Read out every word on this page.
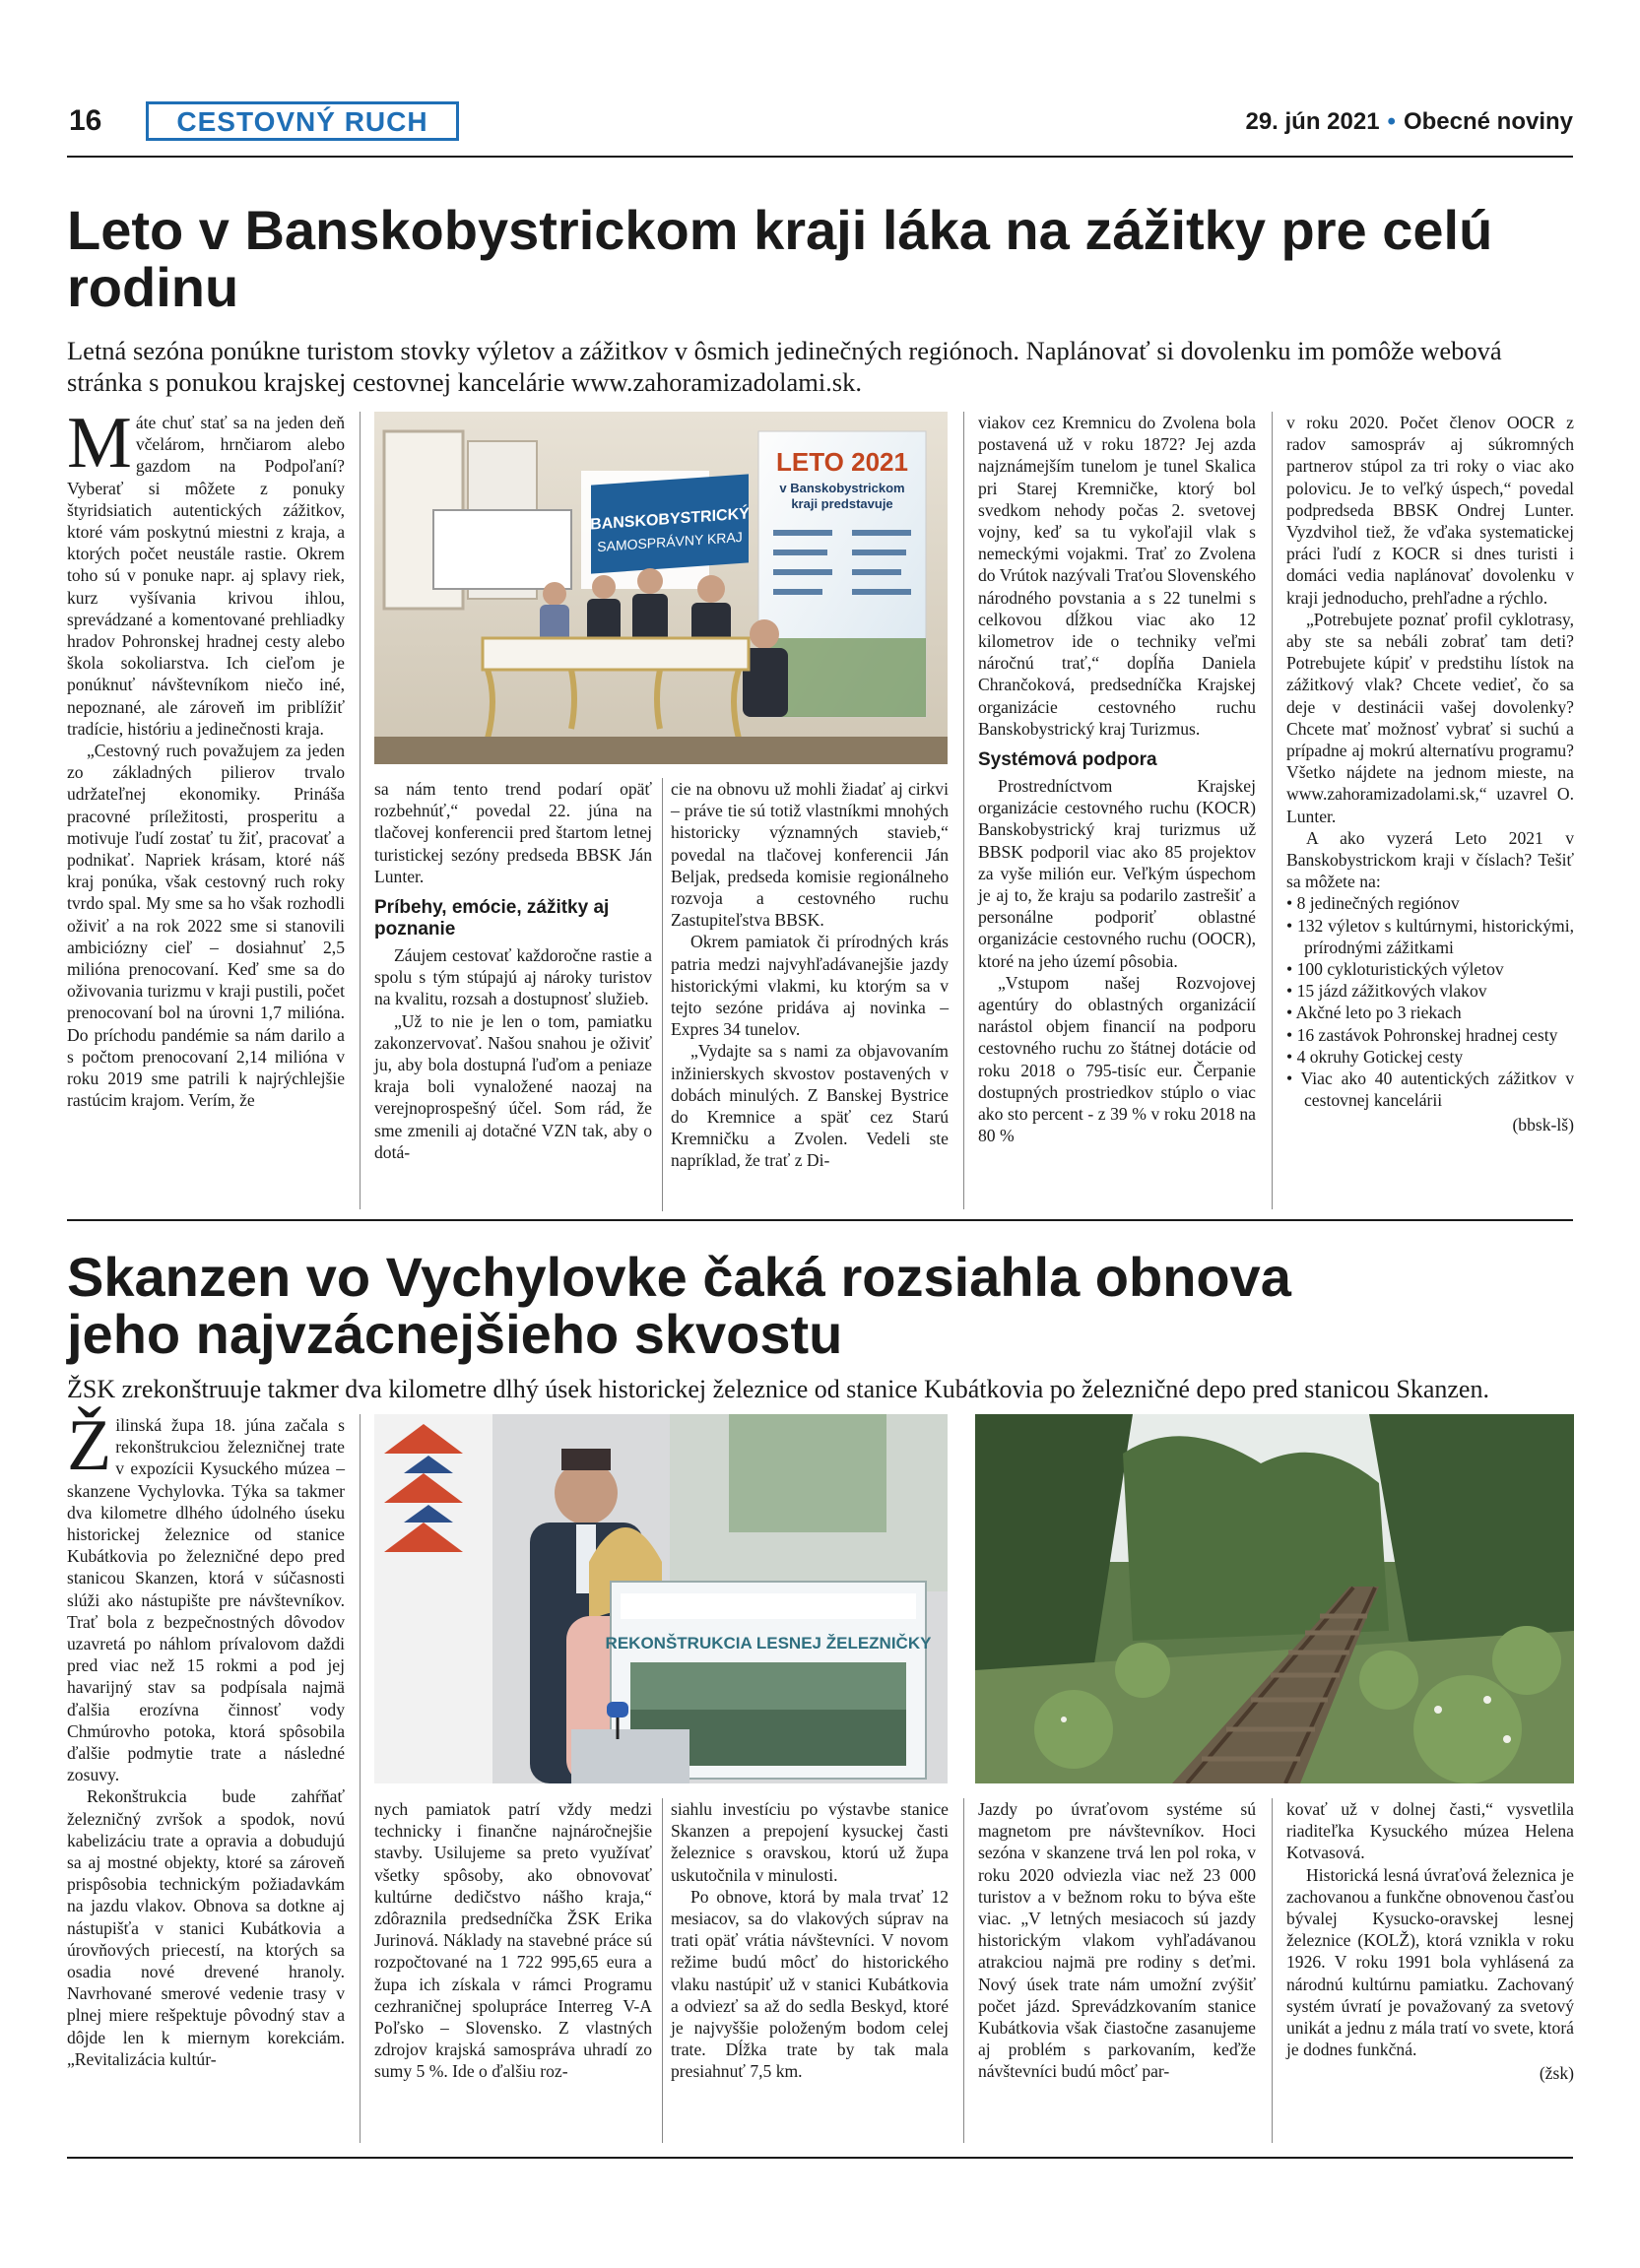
16	CESTOVNÝ RUCH	29. jún 2021 • Obecné noviny
Leto v Banskobystrickom kraji láka na zážitky pre celú rodinu

Letná sezóna ponúkne turistom stovky výletov a zážitkov v ôsmich jedinečných regiónoch. Naplánovať si dovolenku im pomôže webová stránka s ponukou krajskej cestovnej kancelárie www.zahoramizadolami.sk.

Máte chuť stať sa na jeden deň včelárom, hrnčiarom alebo gazdom na Podpoľaní? Vyberať si môžete z ponuky štyridsiatich autentických zážitkov, ktoré vám poskytnú miestni z kraja, a ktorých počet neustále rastie. Okrem toho sú v ponuke napr. aj splavy riek, kurz vyšívania krivou ihlou, sprevádzané a komentované prehliadky hradov Pohronskej hradnej cesty alebo škola sokoliarstva. Ich cieľom je ponúknuť návštevníkom niečo iné, nepoznané, ale zároveň im priblížiť tradície, históriu a jedinečnosti kraja.

„Cestovný ruch považujem za jeden zo základných pilierov trvalo udržateľnej ekonomiky. Prináša pracovné príležitosti, prosperitu a motivuje ľudí zostať tu žiť, pracovať a podnikať. Napriek krásam, ktoré náš kraj ponúka, však cestovný ruch roky tvrdo spal. My sme sa ho však rozhodli oživiť a na rok 2022 sme si stanovili ambiciózny cieľ – dosiahnuť 2,5 milióna prenocovaní. Keď sme sa do oživovania turizmu v kraji pustili, počet prenocovaní bol na úrovni 1,7 milióna. Do príchodu pandémie sa nám darilo a s počtom prenocovaní 2,14 milióna v roku 2019 sme patrili k najrýchlejšie rastúcim krajom. Verím, že

BANSKOBYSTRICKÝ
SAMOSPRÁVNY KRAJ
LETO 2021
v Banskobystrickom
kraji predstavuje

sa nám tento trend podarí opäť rozbehnúť,“ povedal 22. júna na tlačovej konferencii pred štartom letnej turistickej sezóny predseda BBSK Ján Lunter.

Príbehy, emócie, zážitky aj poznanie

Záujem cestovať každoročne rastie a spolu s tým stúpajú aj nároky turistov na kvalitu, rozsah a dostupnosť služieb.

„Už to nie je len o tom, pamiatku zakonzervovať. Našou snahou je oživiť ju, aby bola dostupná ľuďom a peniaze kraja boli vynaložené naozaj na verejnoprospešný účel. Som rád, že sme zmenili aj dotačné VZN tak, aby o dotá-

cie na obnovu už mohli žiadať aj cirkvi – práve tie sú totiž vlastníkmi mnohých historicky významných stavieb,“ povedal na tlačovej konferencii Ján Beljak, predseda komisie regionálneho rozvoja a cestovného ruchu Zastupiteľstva BBSK.

Okrem pamiatok či prírodných krás patria medzi najvyhľadávanejšie jazdy historickými vlakmi, ku ktorým sa v tejto sezóne pridáva aj novinka – Expres 34 tunelov.

„Vydajte sa s nami za objavovaním inžinierskych skvostov postavených v dobách minulých. Z Banskej Bystrice do Kremnice a späť cez Starú Kremničku a Zvolen. Vedeli ste napríklad, že trať z Di-

viakov cez Kremnicu do Zvolena bola postavená už v roku 1872? Jej azda najznámejším tunelom je tunel Skalica pri Starej Kremničke, ktorý bol svedkom nehody počas 2. svetovej vojny, keď sa tu vykoľajil vlak s nemeckými vojakmi. Trať zo Zvolena do Vrútok nazývali Traťou Slovenského národného povstania a s 22 tunelmi s celkovou dĺžkou viac ako 12 kilometrov ide o techniky veľmi náročnú trať,“ dopĺňa Daniela Chrančoková, predsedníčka Krajskej organizácie cestovného ruchu Banskobystrický kraj Turizmus.

Systémová podpora

Prostredníctvom Krajskej organizácie cestovného ruchu (KOCR) Banskobystrický kraj turizmus už BBSK podporil viac ako 85 projektov za vyše milión eur. Veľkým úspechom je aj to, že kraju sa podarilo zastrešiť a personálne podporiť oblastné organizácie cestovného ruchu (OOCR), ktoré na jeho území pôsobia.

„Vstupom našej Rozvojovej agentúry do oblastných organizácií narástol objem financií na podporu cestovného ruchu zo štátnej dotácie od roku 2018 o 795-tisíc eur. Čerpanie dostupných prostriedkov stúplo o viac ako sto percent - z 39 % v roku 2018 na 80 %

v roku 2020. Počet členov OOCR z radov samospráv aj súkromných partnerov stúpol za tri roky o viac ako polovicu. Je to veľký úspech,“ povedal podpredseda BBSK Ondrej Lunter. Vyzdvihol tiež, že vďaka systematickej práci ľudí z KOCR si dnes turisti i domáci vedia naplánovať dovolenku v kraji jednoducho, prehľadne a rýchlo.

„Potrebujete poznať profil cyklotrasy, aby ste sa nebáli zobrať tam deti? Potrebujete kúpiť v predstihu lístok na zážitkový vlak? Chcete vedieť, čo sa deje v destinácii vašej dovolenky? Chcete mať možnosť vybrať si suchú a prípadne aj mokrú alternatívu programu? Všetko nájdete na jednom mieste, na www.zahoramizadolami.sk,“ uzavrel O. Lunter.

A ako vyzerá Leto 2021 v Banskobystrickom kraji v číslach? Tešiť sa môžete na:

• 8 jedinečných regiónov
• 132 výletov s kultúrnymi, historickými, prírodnými zážitkami
• 100 cykloturistických výletov
• 15 jázd zážitkových vlakov
• Akčné leto po 3 riekach
• 16 zastávok Pohronskej hradnej cesty
• 4 okruhy Gotickej cesty
• Viac ako 40 autentických zážitkov v cestovnej kancelárii
(bbsk-lš)
Skanzen vo Vychylovke čaká rozsiahla obnova
jeho najvzácnejšieho skvostu

ŽSK zrekonštruuje takmer dva kilometre dlhý úsek historickej železnice od stanice Kubátkovia po železničné depo pred stanicou Skanzen.

Žilinská župa 18. júna začala s rekonštrukciou železničnej trate v expozícii Kysuckého múzea – skanzene Vychylovka. Týka sa takmer dva kilometre dlhého údolného úseku historickej železnice od stanice Kubátkovia po železničné depo pred stanicou Skanzen, ktorá v súčasnosti slúži ako nástupište pre návštevníkov. Trať bola z bezpečnostných dôvodov uzavretá po náhlom prívalovom daždi pred viac než 15 rokmi a pod jej havarijný stav sa podpísala najmä ďalšia erozívna činnosť vody Chmúrovho potoka, ktorá spôsobila ďalšie podmytie trate a následné zosuvy.

Rekonštrukcia bude zahŕňať železničný zvršok a spodok, novú kabelizáciu trate a opravia a dobudujú sa aj mostné objekty, ktoré sa zároveň prispôsobia technickým požiadavkám na jazdu vlakov. Obnova sa dotkne aj nástupišťa v stanici Kubátkovia a úrovňových priecestí, na ktorých sa osadia nové drevené hranoly. Navrhované smerové vedenie trasy v plnej miere rešpektuje pôvodný stav a dôjde len k miernym korekciám. „Revitalizácia kultúr-

REKONŠTRUKCIA LESNEJ ŽELEZNIČKY

nych pamiatok patrí vždy medzi technicky i finančne najnáročnejšie stavby. Usilujeme sa preto využívať všetky spôsoby, ako obnovovať kultúrne dedičstvo nášho kraja,“ zdôraznila predsedníčka ŽSK Erika Jurinová. Náklady na stavebné práce sú rozpočtované na 1 722 995,65 eura a župa ich získala v rámci Programu cezhraničnej spolupráce Interreg V-A Poľsko – Slovensko. Z vlastných zdrojov krajská samospráva uhradí zo sumy 5 %. Ide o ďalšiu roz-

siahlu investíciu po výstavbe stanice Skanzen a prepojení kysuckej časti železnice s oravskou, ktorú už župa uskutočnila v minulosti.

Po obnove, ktorá by mala trvať 12 mesiacov, sa do vlakových súprav na trati opäť vrátia návštevníci. V novom režime budú môcť do historického vlaku nastúpiť už v stanici Kubátkovia a odviezť sa až do sedla Beskyd, ktoré je najvyššie položeným bodom celej trate. Dĺžka trate by tak mala presiahnuť 7,5 km.

Jazdy po úvraťovom systéme sú magnetom pre návštevníkov. Hoci sezóna v skanzene trvá len pol roka, v roku 2020 odviezla viac než 23 000 turistov a v bežnom roku to býva ešte viac. „V letných mesiacoch sú jazdy historickým vlakom vyhľadávanou atrakciou najmä pre rodiny s deťmi. Nový úsek trate nám umožní zvýšiť počet jázd. Sprevádzkovaním stanice Kubátkovia však čiastočne zasanujeme aj problém s parkovaním, keďže návštevníci budú môcť par-

kovať už v dolnej časti,“ vysvetlila riaditeľka Kysuckého múzea Helena Kotvasová.

Historická lesná úvraťová železnica je zachovanou a funkčne obnovenou časťou bývalej Kysucko-oravskej lesnej železnice (KOLŽ), ktorá vznikla v roku 1926. V roku 1991 bola vyhlásená za národnú kultúrnu pamiatku. Zachovaný systém úvratí je považovaný za svetový unikát a jednu z mála tratí vo svete, ktorá je dodnes funkčná.

(žsk)
